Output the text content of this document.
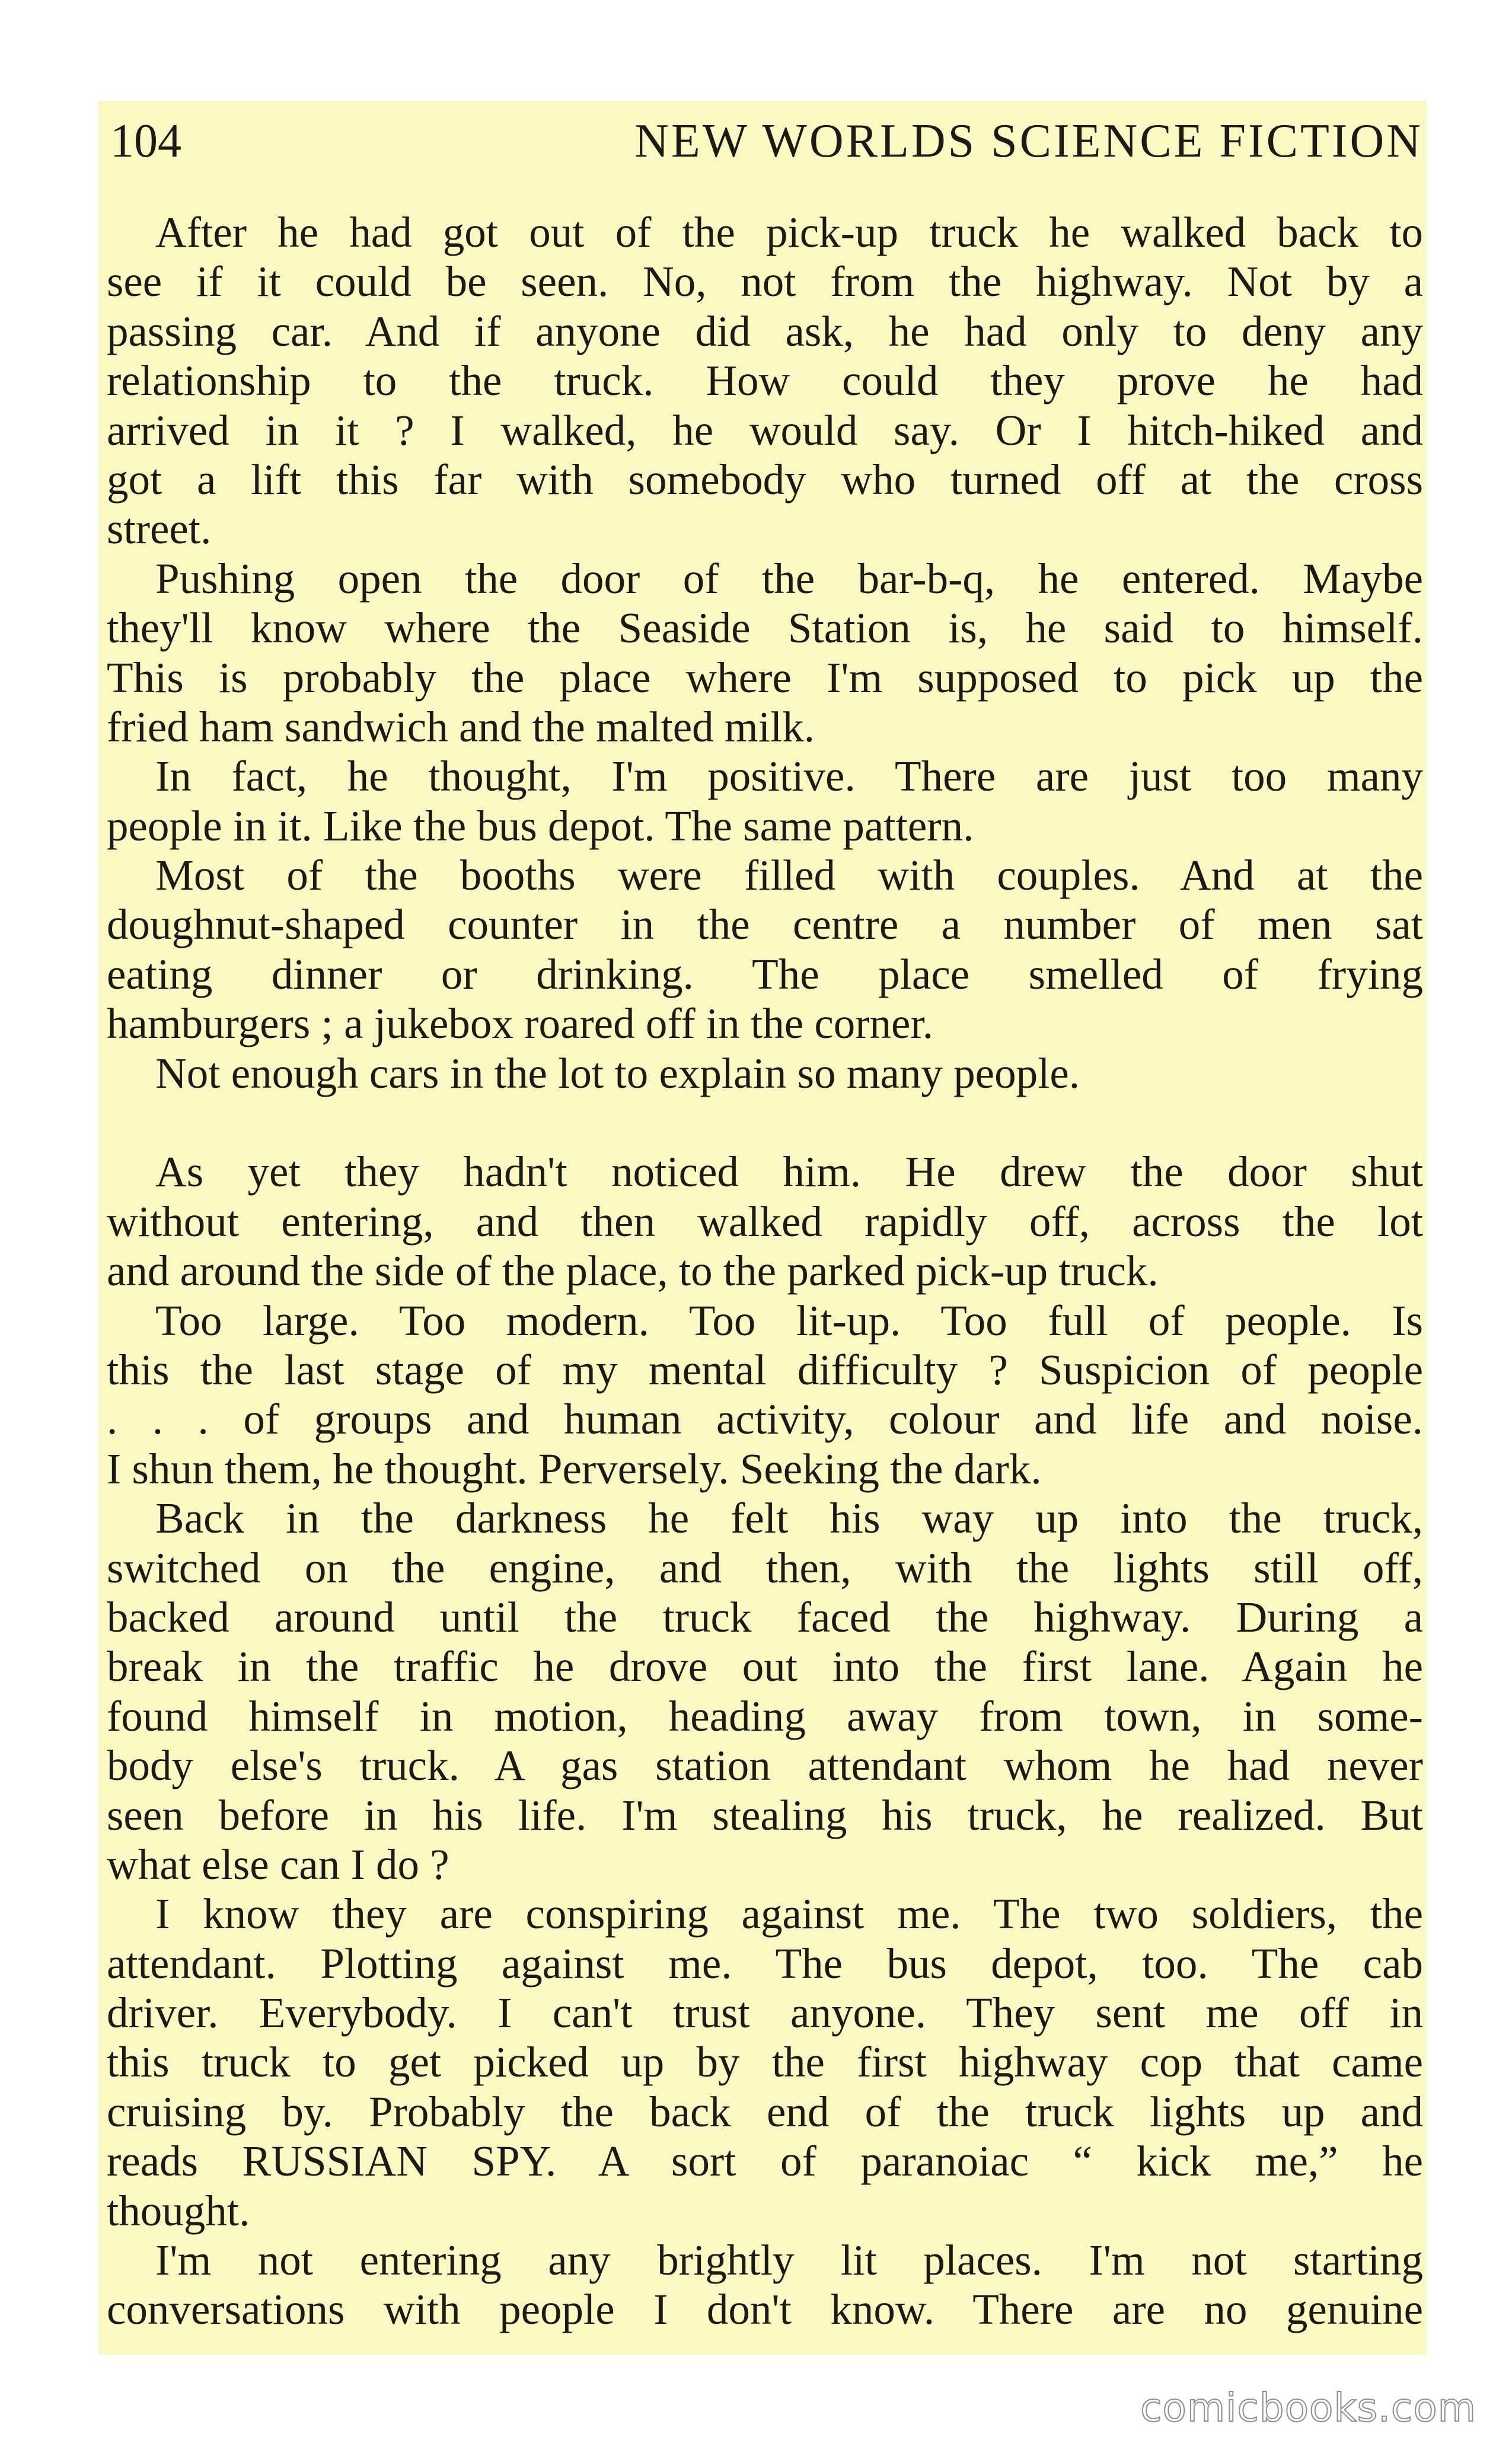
104	NEW WORLDS SCIENCE FICTION
After he had got out of the pick-up truck he walked back to
see if it could be seen. No, not from the highway. Not by a
passing car. And if anyone did ask, he had only to deny any
relationship to the truck. How could they prove he had
arrived in it ? I walked, he would say. Or I hitch-hiked and
got a lift this far with somebody who turned off at the cross
street.
Pushing open the door of the bar-b-q, he entered. Maybe
they'll know where the Seaside Station is, he said to himself.
This is probably the place where I'm supposed to pick up the
fried ham sandwich and the malted milk.
In fact, he thought, I'm positive. There are just too many
people in it. Like the bus depot. The same pattern.
Most of the booths were filled with couples. And at the
doughnut-shaped counter in the centre a number of men sat
eating dinner or drinking. The place smelled of frying
hamburgers ; a jukebox roared off in the corner.
Not enough cars in the lot to explain so many people.
As yet they hadn't noticed him. He drew the door shut
without entering, and then walked rapidly off, across the lot
and around the side of the place, to the parked pick-up truck.
Too large. Too modern. Too lit-up. Too full of people. Is
this the last stage of my mental difficulty ? Suspicion of people
. . . of groups and human activity, colour and life and noise.
I shun them, he thought. Perversely. Seeking the dark.
Back in the darkness he felt his way up into the truck,
switched on the engine, and then, with the lights still off,
backed around until the truck faced the highway. During a
break in the traffic he drove out into the first lane. Again he
found himself in motion, heading away from town, in some-
body else's truck. A gas station attendant whom he had never
seen before in his life. I'm stealing his truck, he realized. But
what else can I do ?
I know they are conspiring against me. The two soldiers, the
attendant. Plotting against me. The bus depot, too. The cab
driver. Everybody. I can't trust anyone. They sent me off in
this truck to get picked up by the first highway cop that came
cruising by. Probably the back end of the truck lights up and
reads RUSSIAN SPY. A sort of paranoiac “ kick me,” he
thought.
I'm not entering any brightly lit places. I'm not starting
conversations with people I don't know. There are no genuine
comicbooks.com
